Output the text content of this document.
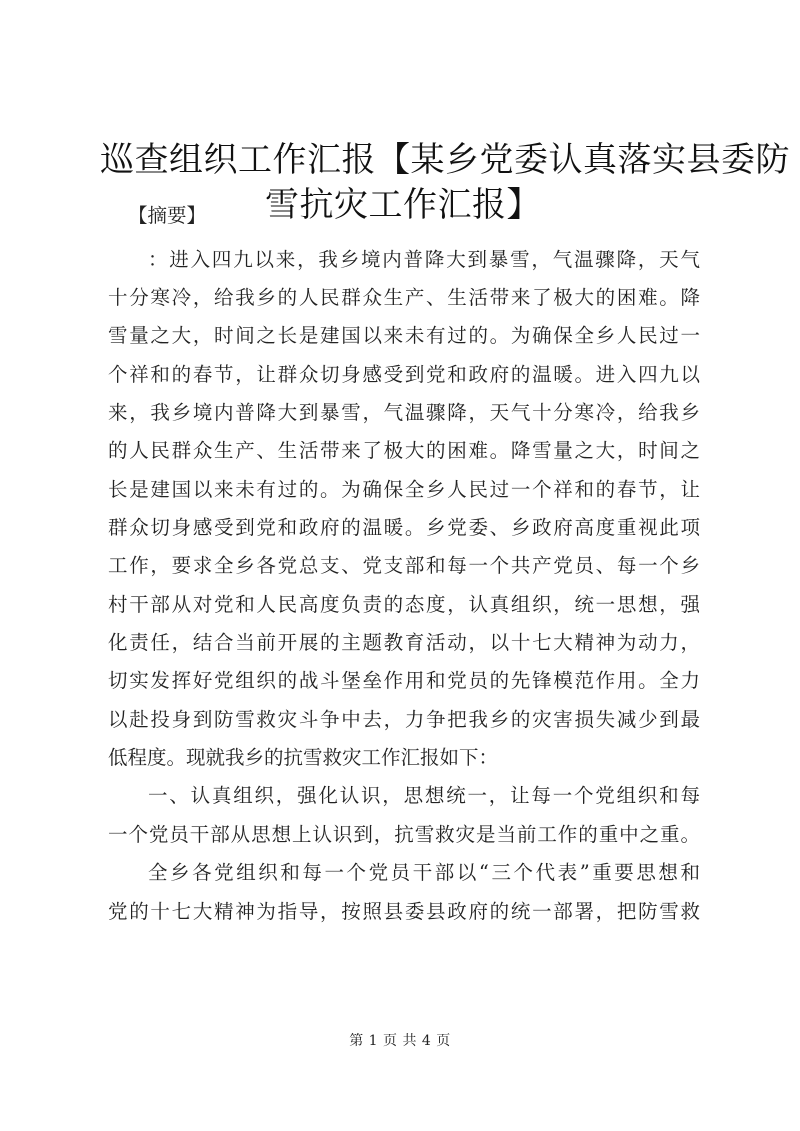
巡查组织工作汇报【某乡党委认真落实县委防
雪抗灾工作汇报】
【摘要】
：进入四九以来，我乡境内普降大到暴雪，气温骤降，天气
十分寒冷，给我乡的人民群众生产、生活带来了极大的困难。降
雪量之大，时间之长是建国以来未有过的。为确保全乡人民过一
个祥和的春节，让群众切身感受到党和政府的温暖。进入四九以
来，我乡境内普降大到暴雪，气温骤降，天气十分寒冷，给我乡
的人民群众生产、生活带来了极大的困难。降雪量之大，时间之
长是建国以来未有过的。为确保全乡人民过一个祥和的春节，让
群众切身感受到党和政府的温暖。乡党委、乡政府高度重视此项
工作，要求全乡各党总支、党支部和每一个共产党员、每一个乡
村干部从对党和人民高度负责的态度，认真组织，统一思想，强
化责任，结合当前开展的主题教育活动，以十七大精神为动力，
切实发挥好党组织的战斗堡垒作用和党员的先锋模范作用。全力
以赴投身到防雪救灾斗争中去，力争把我乡的灾害损失减少到最
低程度。现就我乡的抗雪救灾工作汇报如下：
一、认真组织，强化认识，思想统一，让每一个党组织和每
一个党员干部从思想上认识到，抗雪救灾是当前工作的重中之重。
全乡各党组织和每一个党员干部以“三个代表”重要思想和
党的十七大精神为指导，按照县委县政府的统一部署，把防雪救
第 1 页 共 4 页
